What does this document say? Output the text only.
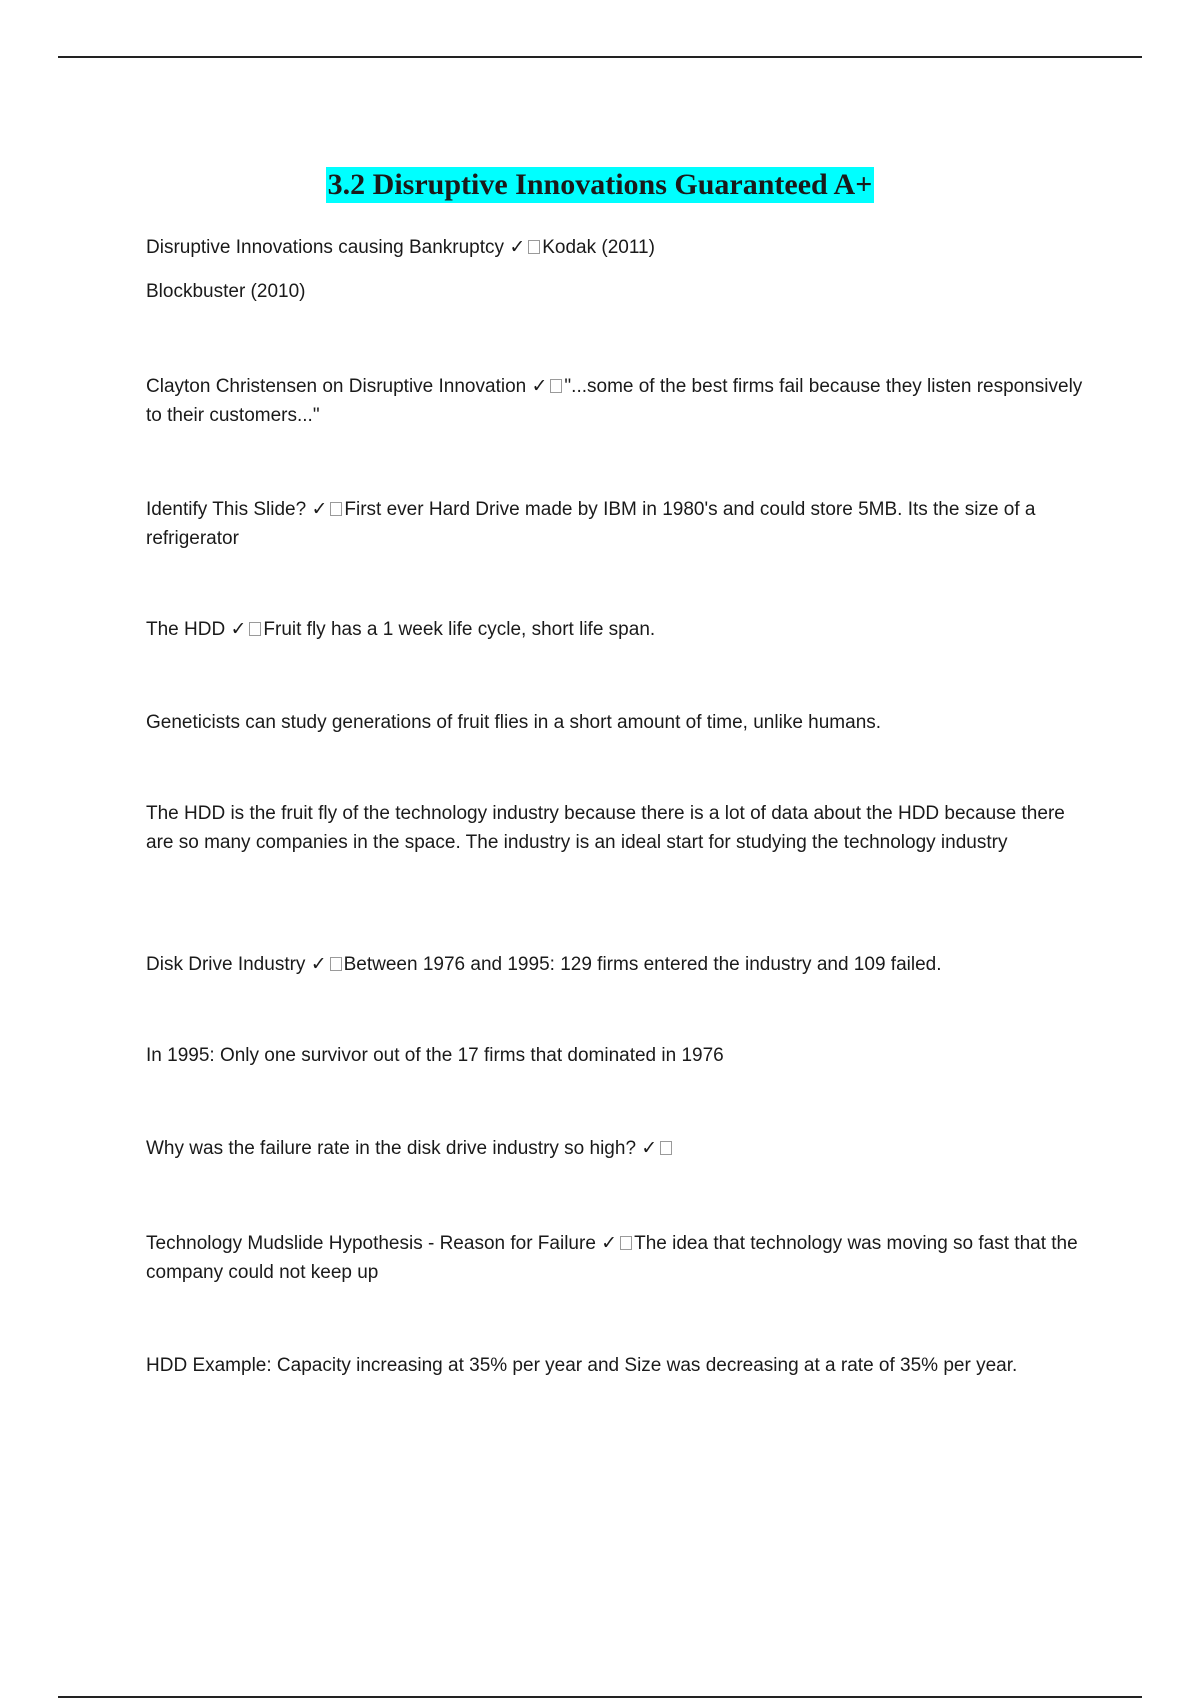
3.2 Disruptive Innovations Guaranteed A+

Disruptive Innovations causing Bankruptcy ✓ Kodak (2011)

Blockbuster (2010)

Clayton Christensen on Disruptive Innovation ✓ "...some of the best firms fail because they listen responsively to their customers..."

Identify This Slide? ✓ First ever Hard Drive made by IBM in 1980's and could store 5MB. Its the size of a refrigerator

The HDD ✓ Fruit fly has a 1 week life cycle, short life span.

Geneticists can study generations of fruit flies in a short amount of time, unlike humans.

The HDD is the fruit fly of the technology industry because there is a lot of data about the HDD because there are so many companies in the space. The industry is an ideal start for studying the technology industry

Disk Drive Industry ✓ Between 1976 and 1995: 129 firms entered the industry and 109 failed.

In 1995: Only one survivor out of the 17 firms that dominated in 1976

Why was the failure rate in the disk drive industry so high? ✓

Technology Mudslide Hypothesis - Reason for Failure ✓ The idea that technology was moving so fast that the company could not keep up

HDD Example: Capacity increasing at 35% per year and Size was decreasing at a rate of 35% per year.
